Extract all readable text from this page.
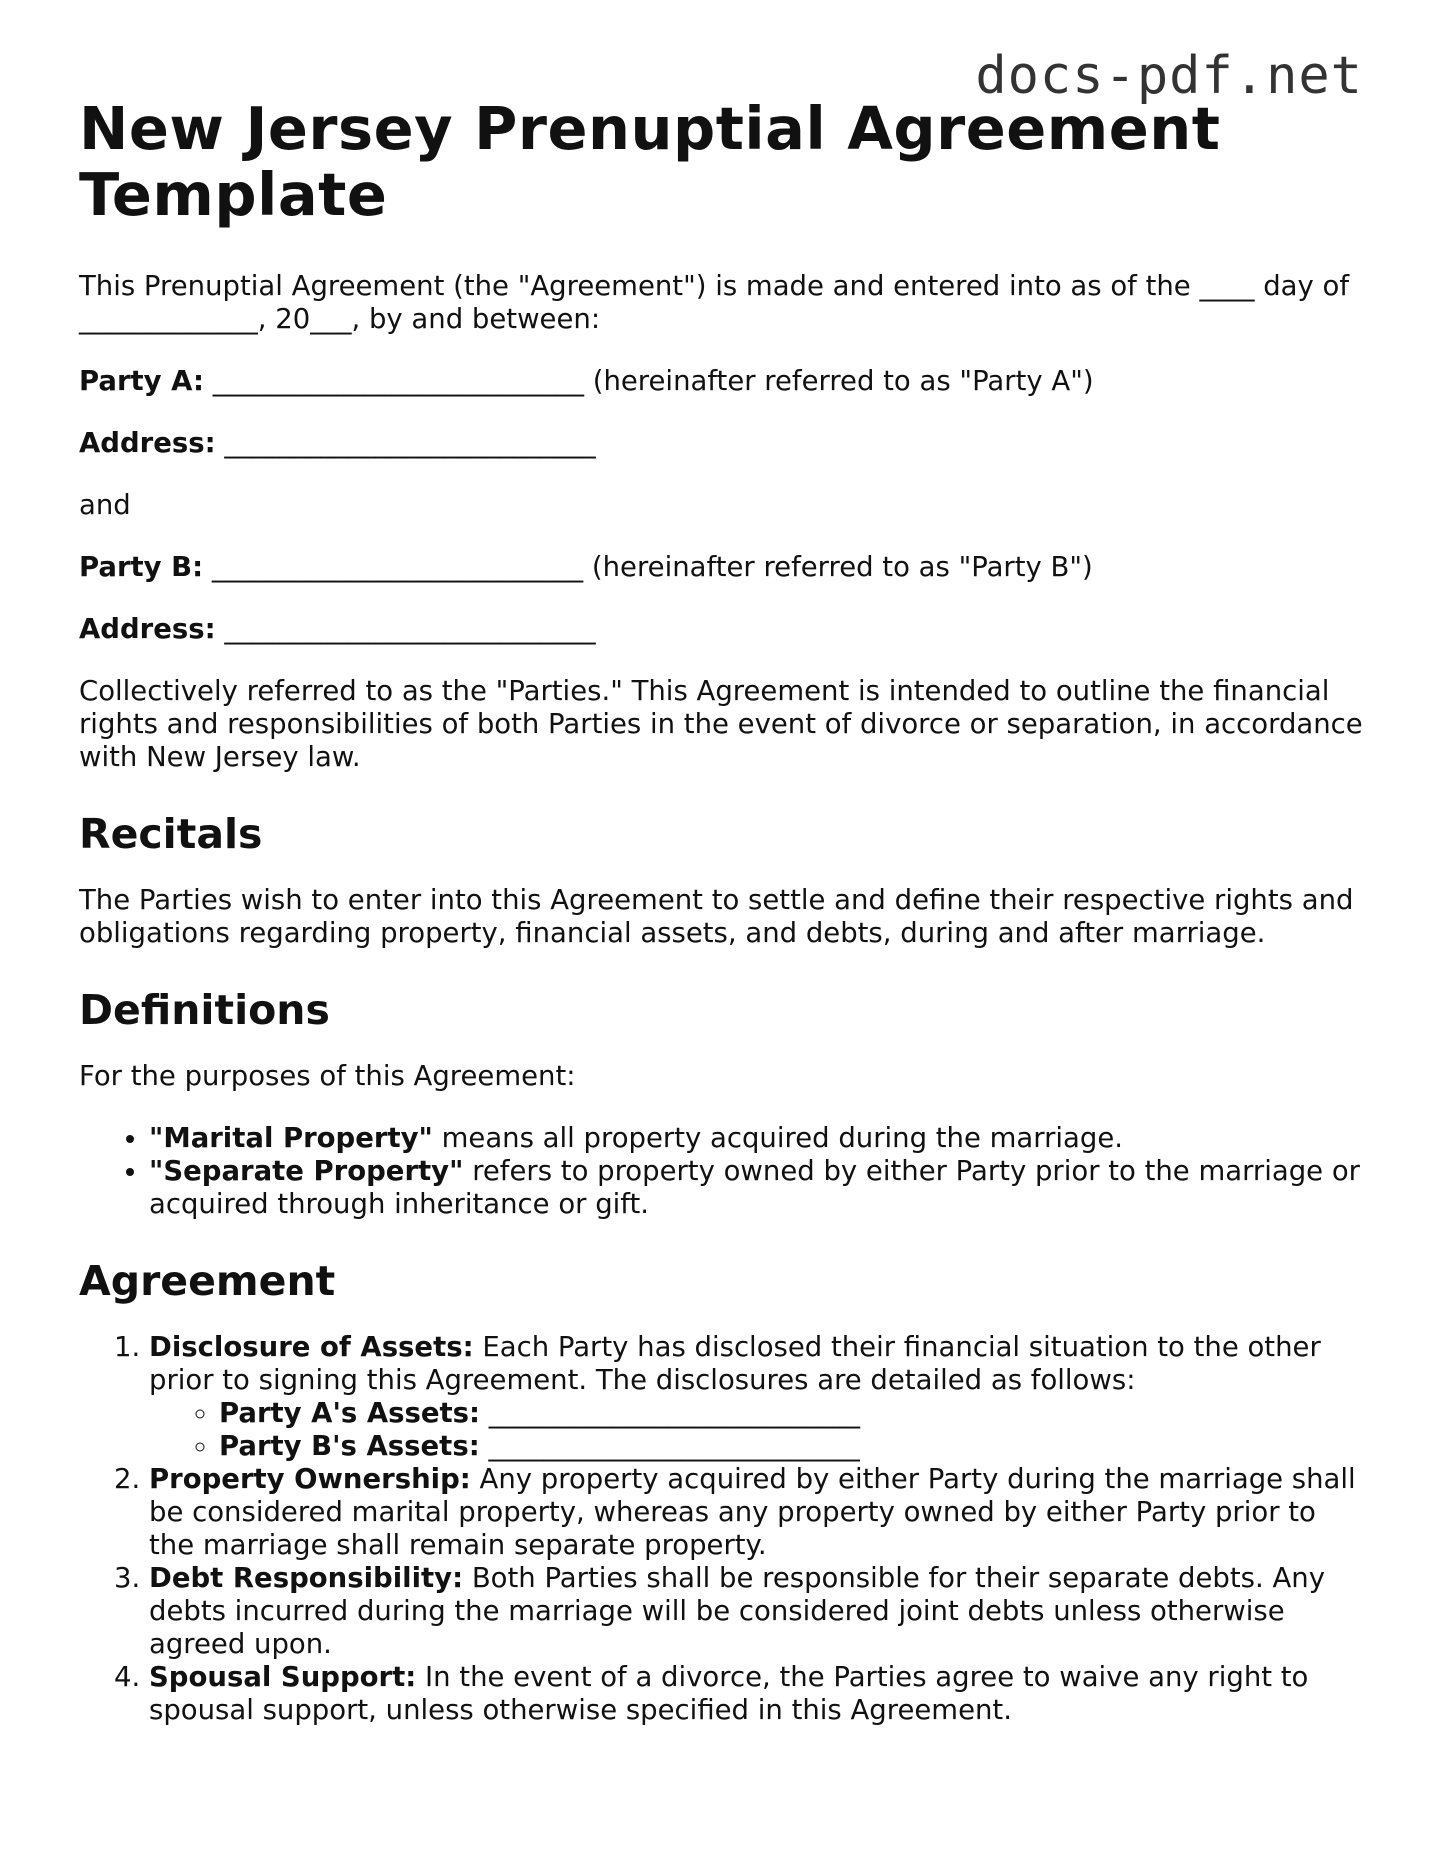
docs-pdf.net
New Jersey Prenuptial Agreement Template

This Prenuptial Agreement (the "Agreement") is made and entered into as of the ____ day of _____________, 20___, by and between:

Party A: ___________________________ (hereinafter referred to as "Party A")

Address: ___________________________

and

Party B: ___________________________ (hereinafter referred to as "Party B")

Address: ___________________________

Collectively referred to as the "Parties." This Agreement is intended to outline the financial rights and responsibilities of both Parties in the event of divorce or separation, in accordance with New Jersey law.

Recitals

The Parties wish to enter into this Agreement to settle and define their respective rights and obligations regarding property, financial assets, and debts, during and after marriage.

Definitions

For the purposes of this Agreement:

• "Marital Property" means all property acquired during the marriage.
• "Separate Property" refers to property owned by either Party prior to the marriage or acquired through inheritance or gift.
Agreement
1. Disclosure of Assets: Each Party has disclosed their financial situation to the other prior to signing this Agreement. The disclosures are detailed as follows:
◦ Party A's Assets: ___________________________
◦ Party B's Assets: ___________________________
2. Property Ownership: Any property acquired by either Party during the marriage shall be considered marital property, whereas any property owned by either Party prior to the marriage shall remain separate property.
3. Debt Responsibility: Both Parties shall be responsible for their separate debts. Any debts incurred during the marriage will be considered joint debts unless otherwise agreed upon.
4. Spousal Support: In the event of a divorce, the Parties agree to waive any right to spousal support, unless otherwise specified in this Agreement.
